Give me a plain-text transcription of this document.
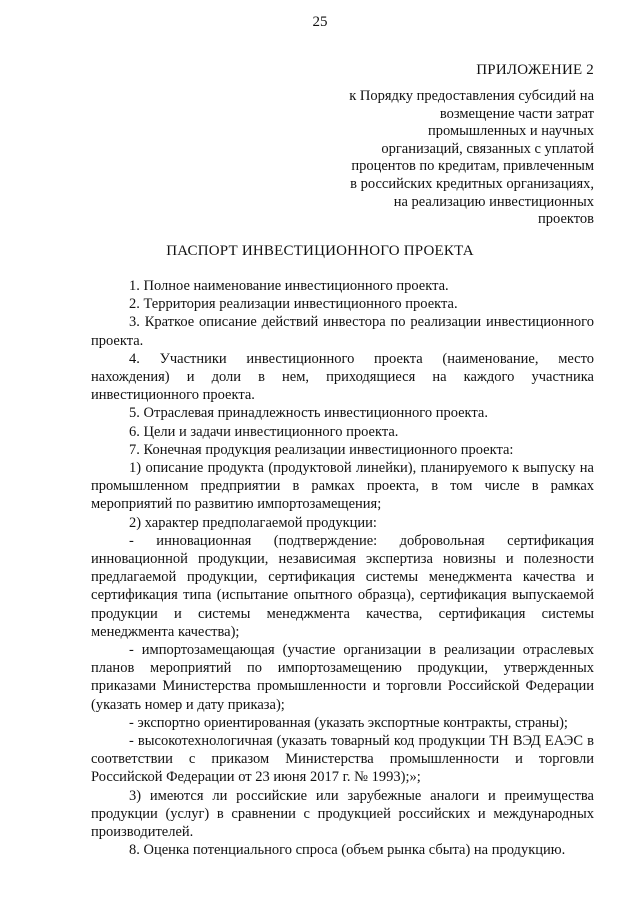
25
ПРИЛОЖЕНИЕ 2
к Порядку предоставления субсидий на
возмещение части затрат
промышленных и научных
организаций, связанных с уплатой
процентов по кредитам, привлеченным
в российских кредитных организациях,
на реализацию инвестиционных
проектов
ПАСПОРТ ИНВЕСТИЦИОННОГО ПРОЕКТА

1. Полное наименование инвестиционного проекта.

2. Территория реализации инвестиционного проекта.

3. Краткое описание действий инвестора по реализации инвестиционного проекта.

4. Участники инвестиционного проекта (наименование, место нахождения) и доли в нем, приходящиеся на каждого участника инвестиционного проекта.

5. Отраслевая принадлежность инвестиционного проекта.

6. Цели и задачи инвестиционного проекта.

7. Конечная продукция реализации инвестиционного проекта:

1) описание продукта (продуктовой линейки), планируемого к выпуску на промышленном предприятии в рамках проекта, в том числе в рамках мероприятий по развитию импортозамещения;

2) характер предполагаемой продукции:

- инновационная (подтверждение: добровольная сертификация инновационной продукции, независимая экспертиза новизны и полезности предлагаемой продукции, сертификация системы менеджмента качества и сертификация типа (испытание опытного образца), сертификация выпускаемой продукции и системы менеджмента качества, сертификация системы менеджмента качества);

- импортозамещающая (участие организации в реализации отраслевых планов мероприятий по импортозамещению продукции, утвержденных приказами Министерства промышленности и торговли Российской Федерации (указать номер и дату приказа);

- экспортно ориентированная (указать экспортные контракты, страны);

- высокотехнологичная (указать товарный код продукции ТН ВЭД ЕАЭС в соответствии с приказом Министерства промышленности и торговли Российской Федерации от 23 июня 2017 г. № 1993);»;

3) имеются ли российские или зарубежные аналоги и преимущества продукции (услуг) в сравнении с продукцией российских и международных производителей.

8. Оценка потенциального спроса (объем рынка сбыта) на продукцию.
